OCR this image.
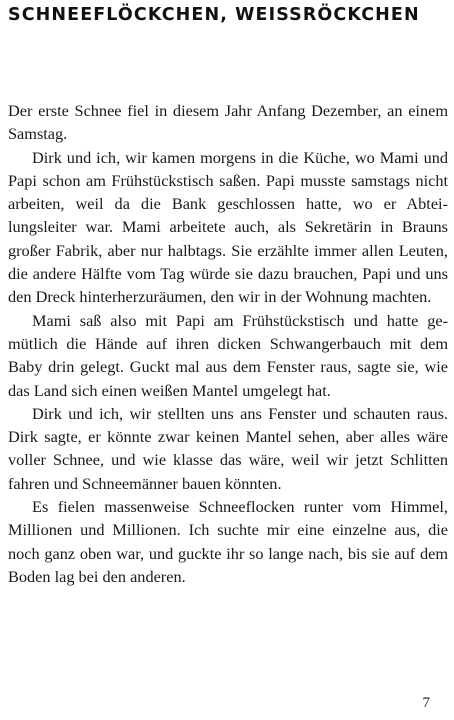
SCHNEEFLÖCKCHEN, WEISSRÖCKCHEN

Der erste Schnee fiel in diesem Jahr Anfang Dezember, an einem Samstag.

Dirk und ich, wir kamen morgens in die Küche, wo Mami und Papi schon am Frühstückstisch saßen. Papi musste samstags nicht arbeiten, weil da die Bank geschlossen hatte, wo er Abteilungsleiter war. Mami arbeitete auch, als Sekretärin in Brauns großer Fabrik, aber nur halbtags. Sie erzählte immer allen Leuten, die andere Hälfte vom Tag würde sie dazu brauchen, Papi und uns den Dreck hinterherzuräumen, den wir in der Wohnung machten.

Mami saß also mit Papi am Frühstückstisch und hatte gemütlich die Hände auf ihren dicken Schwangerbauch mit dem Baby drin gelegt. Guckt mal aus dem Fenster raus, sagte sie, wie das Land sich einen weißen Mantel umgelegt hat.

Dirk und ich, wir stellten uns ans Fenster und schauten raus. Dirk sagte, er könnte zwar keinen Mantel sehen, aber alles wäre voller Schnee, und wie klasse das wäre, weil wir jetzt Schlitten fahren und Schneemänner bauen könnten.

Es fielen massenweise Schneeflocken runter vom Himmel, Millionen und Millionen. Ich suchte mir eine einzelne aus, die noch ganz oben war, und guckte ihr so lange nach, bis sie auf dem Boden lag bei den anderen.

7
